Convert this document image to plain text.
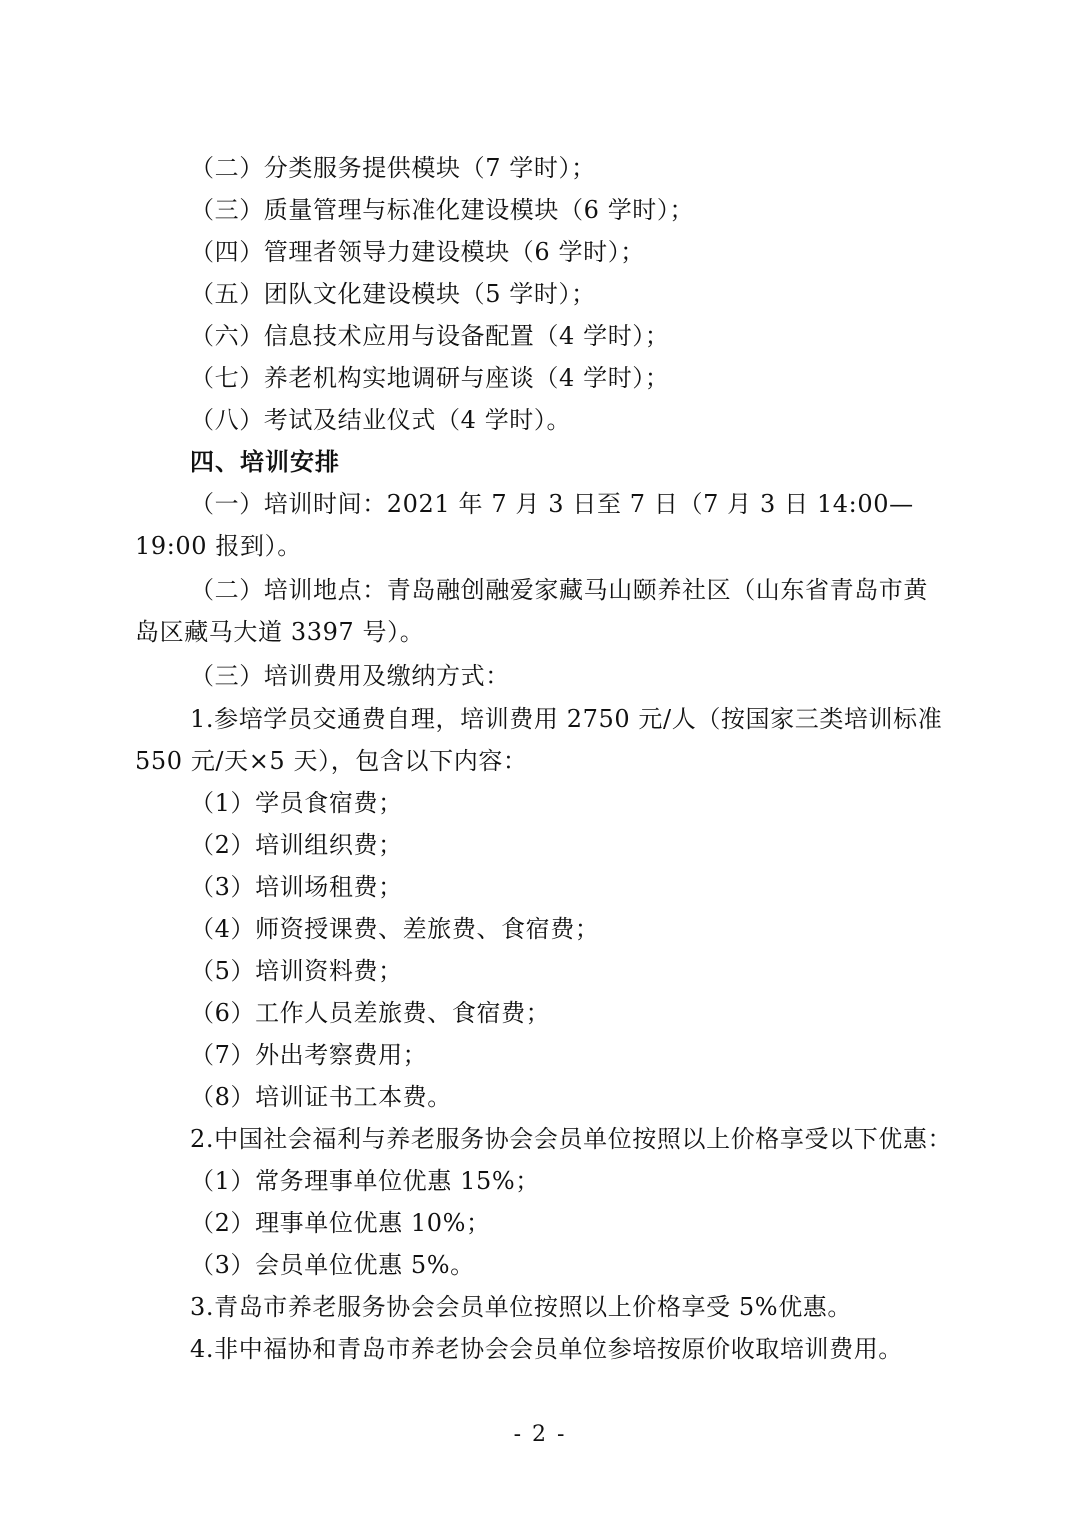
（二）分类服务提供模块（7 学时）；
（三）质量管理与标准化建设模块（6 学时）；
（四）管理者领导力建设模块（6 学时）；
（五）团队文化建设模块（5 学时）；
（六）信息技术应用与设备配置（4 学时）；
（七）养老机构实地调研与座谈（4 学时）；
（八）考试及结业仪式（4 学时）。
四、培训安排
（一）培训时间：2021 年 7 月 3 日至 7 日（7 月 3 日 14:00—
19:00 报到）。
（二）培训地点：青岛融创融爱家藏马山颐养社区（山东省青岛市黄
岛区藏马大道 3397 号）。
（三）培训费用及缴纳方式：
1.参培学员交通费自理，培训费用 2750 元/人（按国家三类培训标准
550 元/天×5 天），包含以下内容：
（1）学员食宿费；
（2）培训组织费；
（3）培训场租费；
（4）师资授课费、差旅费、食宿费；
（5）培训资料费；
（6）工作人员差旅费、食宿费；
（7）外出考察费用；
（8）培训证书工本费。
2.中国社会福利与养老服务协会会员单位按照以上价格享受以下优惠：
（1）常务理事单位优惠 15%；
（2）理事单位优惠 10%；
（3）会员单位优惠 5%。
3.青岛市养老服务协会会员单位按照以上价格享受 5%优惠。
4.非中福协和青岛市养老协会会员单位参培按原价收取培训费用。
- 2 -
